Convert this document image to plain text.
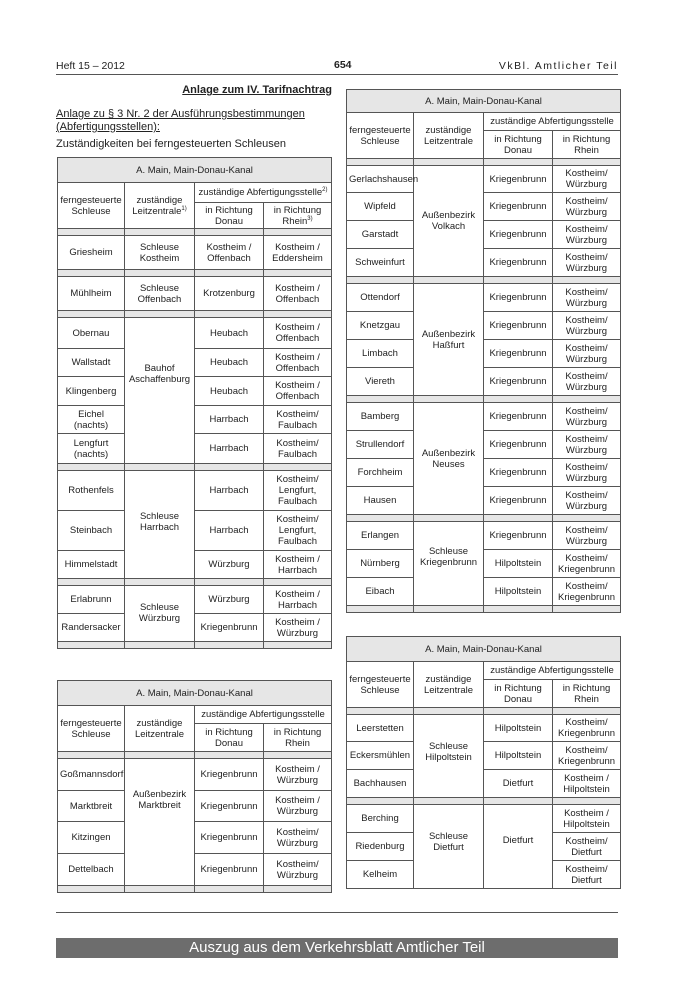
Heft 15 – 2012	654	VkBl. Amtlicher Teil
Anlage zum IV. Tarifnachtrag
Anlage zu § 3 Nr. 2 der Ausführungsbestimmungen (Abfertigungsstellen):
Zuständigkeiten bei ferngesteuerten Schleusen
A. Main, Main-Donau-Kanal			
ferngesteuerte Schleuse	zuständige Leitzentrale$^{1)}$	zuständige Abfertigungsstelle$^{2)}$
		in Richtung Donau	in Richtung Rhein$^{3)}$

Griesheim	Schleuse Kostheim	Kostheim / Offenbach	Kostheim / Eddersheim

Mühlheim	Schleuse Offenbach	Krotzenburg	Kostheim / Offenbach

Obernau	Bauhof Aschaffenburg	Heubach	Kostheim / Offenbach
Wallstadt		Heubach	Kostheim / Offenbach
Klingenberg		Heubach	Kostheim / Offenbach
Eichel (nachts)		Harrbach	Kostheim/ Faulbach
Lengfurt (nachts)		Harrbach	Kostheim/ Faulbach

Rothenfels	Schleuse Harrbach	Harrbach	Kostheim/ Lengfurt, Faulbach
Steinbach		Harrbach	Kostheim/ Lengfurt, Faulbach
Himmelstadt		Würzburg	Kostheim / Harrbach

Erlabrunn	Schleuse Würzburg	Würzburg	Kostheim / Harrbach
Randersacker		Kriegenbrunn	Kostheim / Würzburg

A. Main, Main-Donau-Kanal			
ferngesteuerte Schleuse	zuständige Leitzentrale	zuständige Abfertigungsstelle	
		in Richtung Donau	in Richtung Rhein

Goßmannsdorf	Außenbezirk Marktbreit	Kriegenbrunn	Kostheim / Würzburg
Marktbreit		Kriegenbrunn	Kostheim / Würzburg
Kitzingen		Kriegenbrunn	Kostheim/ Würzburg
Dettelbach		Kriegenbrunn	Kostheim/ Würzburg

A. Main, Main-Donau-Kanal			
ferngesteuerte Schleuse	zuständige Leitzentrale	zuständige Abfertigungsstelle	
		in Richtung Donau	in Richtung Rhein

Gerlachshausen	Außenbezirk Volkach	Kriegenbrunn	Kostheim/ Würzburg
Wipfeld		Kriegenbrunn	Kostheim/ Würzburg
Garstadt		Kriegenbrunn	Kostheim/ Würzburg
Schweinfurt		Kriegenbrunn	Kostheim/ Würzburg

Ottendorf	Außenbezirk Haßfurt	Kriegenbrunn	Kostheim/ Würzburg
Knetzgau		Kriegenbrunn	Kostheim/ Würzburg
Limbach		Kriegenbrunn	Kostheim/ Würzburg
Viereth		Kriegenbrunn	Kostheim/ Würzburg

Bamberg	Außenbezirk Neuses	Kriegenbrunn	Kostheim/ Würzburg
Strullendorf		Kriegenbrunn	Kostheim/ Würzburg
Forchheim		Kriegenbrunn	Kostheim/ Würzburg
Hausen		Kriegenbrunn	Kostheim/ Würzburg

Erlangen	Schleuse Kriegenbrunn	Kriegenbrunn	Kostheim/ Würzburg
Nürnberg		Hilpoltstein	Kostheim/ Kriegenbrunn
Eibach		Hilpoltstein	Kostheim/ Kriegenbrunn

A. Main, Main-Donau-Kanal			
ferngesteuerte Schleuse	zuständige Leitzentrale	zuständige Abfertigungsstelle	
		in Richtung Donau	in Richtung Rhein

Leerstetten	Schleuse Hilpoltstein	Hilpoltstein	Kostheim/ Kriegenbrunn
Eckersmühlen		Hilpoltstein	Kostheim/ Kriegenbrunn
Bachhausen		Dietfurt	Kostheim / Hilpoltstein

Berching	Schleuse Dietfurt	Dietfurt	Kostheim / Hilpoltstein
Riedenburg			Kostheim/ Dietfurt
Kelheim			Kostheim/ Dietfurt
Auszug aus dem Verkehrsblatt Amtlicher Teil
